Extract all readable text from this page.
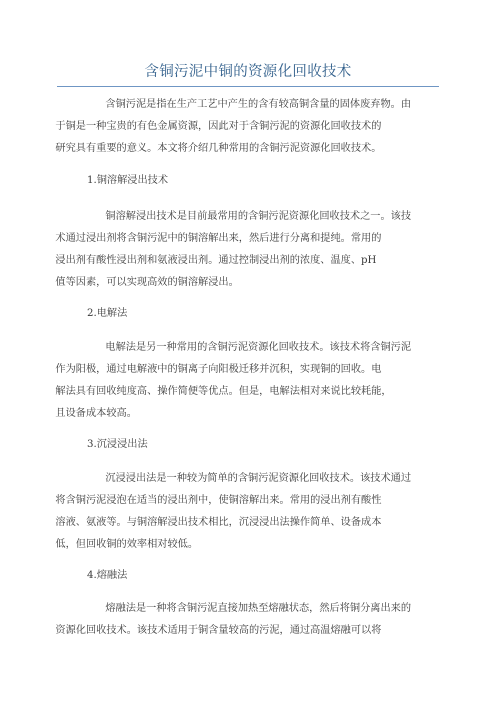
含铜污泥中铜的资源化回收技术
含铜污泥是指在生产工艺中产生的含有较高铜含量的固体废弃物。由
于铜是一种宝贵的有色金属资源，因此对于含铜污泥的资源化回收技术的
研究具有重要的意义。本文将介绍几种常用的含铜污泥资源化回收技术。
1.铜溶解浸出技术
铜溶解浸出技术是目前最常用的含铜污泥资源化回收技术之一。该技
术通过浸出剂将含铜污泥中的铜溶解出来，然后进行分离和提纯。常用的
浸出剂有酸性浸出剂和氨液浸出剂。通过控制浸出剂的浓度、温度、pH
值等因素，可以实现高效的铜溶解浸出。
2.电解法
电解法是另一种常用的含铜污泥资源化回收技术。该技术将含铜污泥
作为阳极，通过电解液中的铜离子向阳极迁移并沉积，实现铜的回收。电
解法具有回收纯度高、操作简便等优点。但是，电解法相对来说比较耗能，
且设备成本较高。
3.沉浸浸出法
沉浸浸出法是一种较为简单的含铜污泥资源化回收技术。该技术通过
将含铜污泥浸泡在适当的浸出剂中，使铜溶解出来。常用的浸出剂有酸性
溶液、氨液等。与铜溶解浸出技术相比，沉浸浸出法操作简单、设备成本
低，但回收铜的效率相对较低。
4.熔融法
熔融法是一种将含铜污泥直接加热至熔融状态，然后将铜分离出来的
资源化回收技术。该技术适用于铜含量较高的污泥，通过高温熔融可以将
